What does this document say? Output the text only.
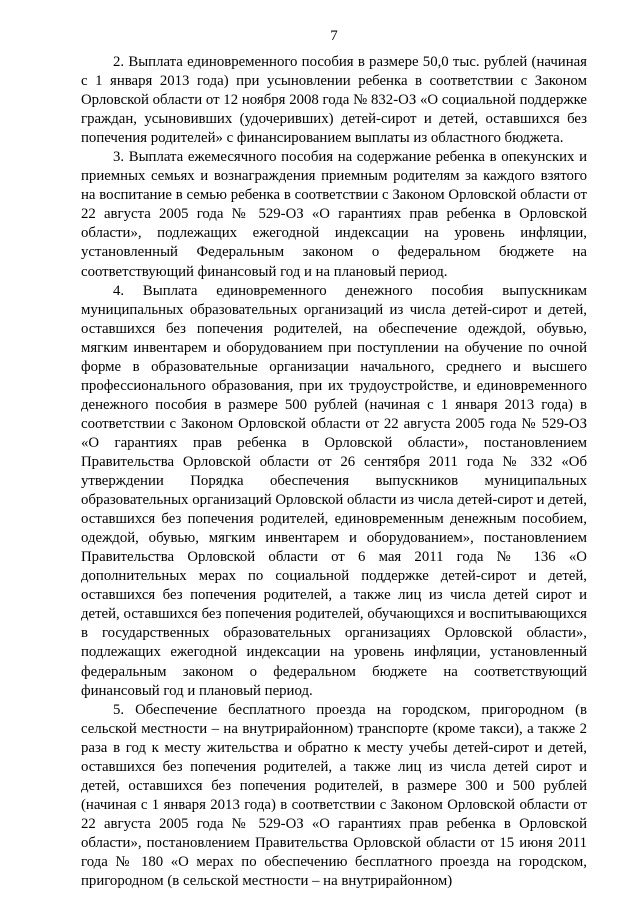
7

2. Выплата единовременного пособия в размере 50,0 тыс. рублей (начиная с 1 января 2013 года) при усыновлении ребенка в соответствии с Законом Орловской области от 12 ноября 2008 года № 832-ОЗ «О социальной поддержке граждан, усыновивших (удочеривших) детей-сирот и детей, оставшихся без попечения родителей» с финансированием выплаты из областного бюджета.

3. Выплата ежемесячного пособия на содержание ребенка в опекунских и приемных семьях и вознаграждения приемным родителям за каждого взятого на воспитание в семью ребенка в соответствии с Законом Орловской области от 22 августа 2005 года № 529-ОЗ «О гарантиях прав ребенка в Орловской области», подлежащих ежегодной индексации на уровень инфляции, установленный Федеральным законом о федеральном бюджете на соответствующий финансовый год и на плановый период.

4. Выплата единовременного денежного пособия выпускникам муниципальных образовательных организаций из числа детей-сирот и детей, оставшихся без попечения родителей, на обеспечение одеждой, обувью, мягким инвентарем и оборудованием при поступлении на обучение по очной форме в образовательные организации начального, среднего и высшего профессионального образования, при их трудоустройстве, и единовременного денежного пособия в размере 500 рублей (начиная с 1 января 2013 года) в соответствии с Законом Орловской области от 22 августа 2005 года № 529-ОЗ «О гарантиях прав ребенка в Орловской области», постановлением Правительства Орловской области от 26 сентября 2011 года № 332 «Об утверждении Порядка обеспечения выпускников муниципальных образовательных организаций Орловской области из числа детей-сирот и детей, оставшихся без попечения родителей, единовременным денежным пособием, одеждой, обувью, мягким инвентарем и оборудованием», постановлением Правительства Орловской области от 6 мая 2011 года № 136 «О дополнительных мерах по социальной поддержке детей-сирот и детей, оставшихся без попечения родителей, а также лиц из числа детей сирот и детей, оставшихся без попечения родителей, обучающихся и воспитывающихся в государственных образовательных организациях Орловской области», подлежащих ежегодной индексации на уровень инфляции, установленный федеральным законом о федеральном бюджете на соответствующий финансовый год и плановый период.

5. Обеспечение бесплатного проезда на городском, пригородном (в сельской местности – на внутрирайонном) транспорте (кроме такси), а также 2 раза в год к месту жительства и обратно к месту учебы детей-сирот и детей, оставшихся без попечения родителей, а также лиц из числа детей сирот и детей, оставшихся без попечения родителей, в размере 300 и 500 рублей (начиная с 1 января 2013 года) в соответствии с Законом Орловской области от 22 августа 2005 года № 529-ОЗ «О гарантиях прав ребенка в Орловской области», постановлением Правительства Орловской области от 15 июня 2011 года № 180 «О мерах по обеспечению бесплатного проезда на городском, пригородном (в сельской местности – на внутрирайонном)
